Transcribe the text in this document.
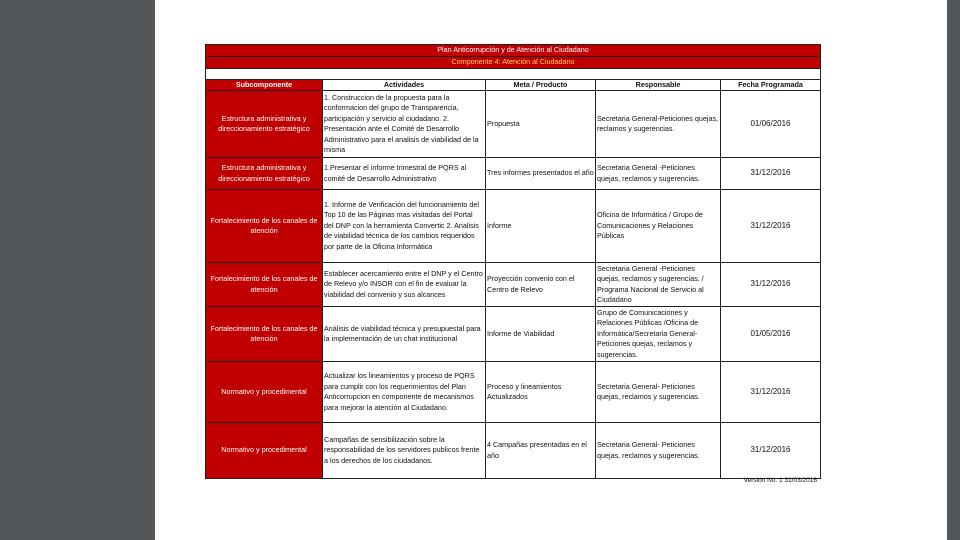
Plan Anticorrupción y de Atención al Ciudadano				
Componente 4: Atención al Ciudadano				

Subcomponente	Actividades	Meta / Producto	Responsable	Fecha Programada
Estructura administrativa y direccionamiento estratégico	1. Construccion de la propuesta para la conformacion del grupo de Transparencia, participación y servicio al ciudadano. 2. Presentación ante el Comité de Desarrollo Administrativo para el analisis de viabilidad de la misma	Propuesta	Secretaria General-Peticiones quejas, reclamos y sugerencias.	01/06/2016
Estructura administrativa y direccionamiento estratégico	1.Presentar el informe trimestral de PQRS al comité de Desarrollo Administrativo	Tres informes presentados el año	Secretaria General -Peticiones quejas, reclamos y sugerencias.	31/12/2016
Fortalecimiento de los canales de atención	1. Informe de Verificación del funcionamiento del Top 10 de las Páginas mas visitadas del Portal del DNP con la herramienta Convertic 2. Analisis de viabilidad técnica de los cambios requeridos por parte de la Oficina Informática	Informe	Oficina de Informática / Grupo de Comunicaciones y Relaciones Públicas	31/12/2016
Fortalecimiento de los canales de atención	Establecer acercamiento entre el DNP y el Centro de Relevo y/o INSOR con el fin de evaluar la viabilidad del convenio y sus alcances	Proyección convenio con el Centro de Relevo	Secretaria General -Peticiones quejas, reclamos y sugerencias. / Programa Nacional de Servicio al Ciudadano	31/12/2016
Fortalecimiento de los canales de atención	Análisis de viabilidad técnica y presupuestal para la implementación de un chat institucional	Informe de Viabilidad	Grupo de Comunicaciones y Relaciones Públicas /Oficina de Informática/Secretaria General-Peticiones quejas, reclamos y sugerencias.	01/05/2016
Normativo y procedimental	Actualizar los lineamientos y proceso de PQRS para cumplir con los requerimientos del Plan Anticorrupcion en componente de mecanismos para mejorar la atención al Ciudadano.	Proceso y lineamientos Actualizados	Secretaria General- Peticiones quejas, reclamos y sugerencias.	31/12/2016
Normativo y procedimental	Campañas de sensibilización sobre la responsabilidad de los servidores publicos frente a los derechos de los ciudadanos.	4 Campañas presentadas en el año	Secretaria General- Peticiones quejas, reclamos y sugerencias.	31/12/2016
Versión No. 1 31/03/2016
